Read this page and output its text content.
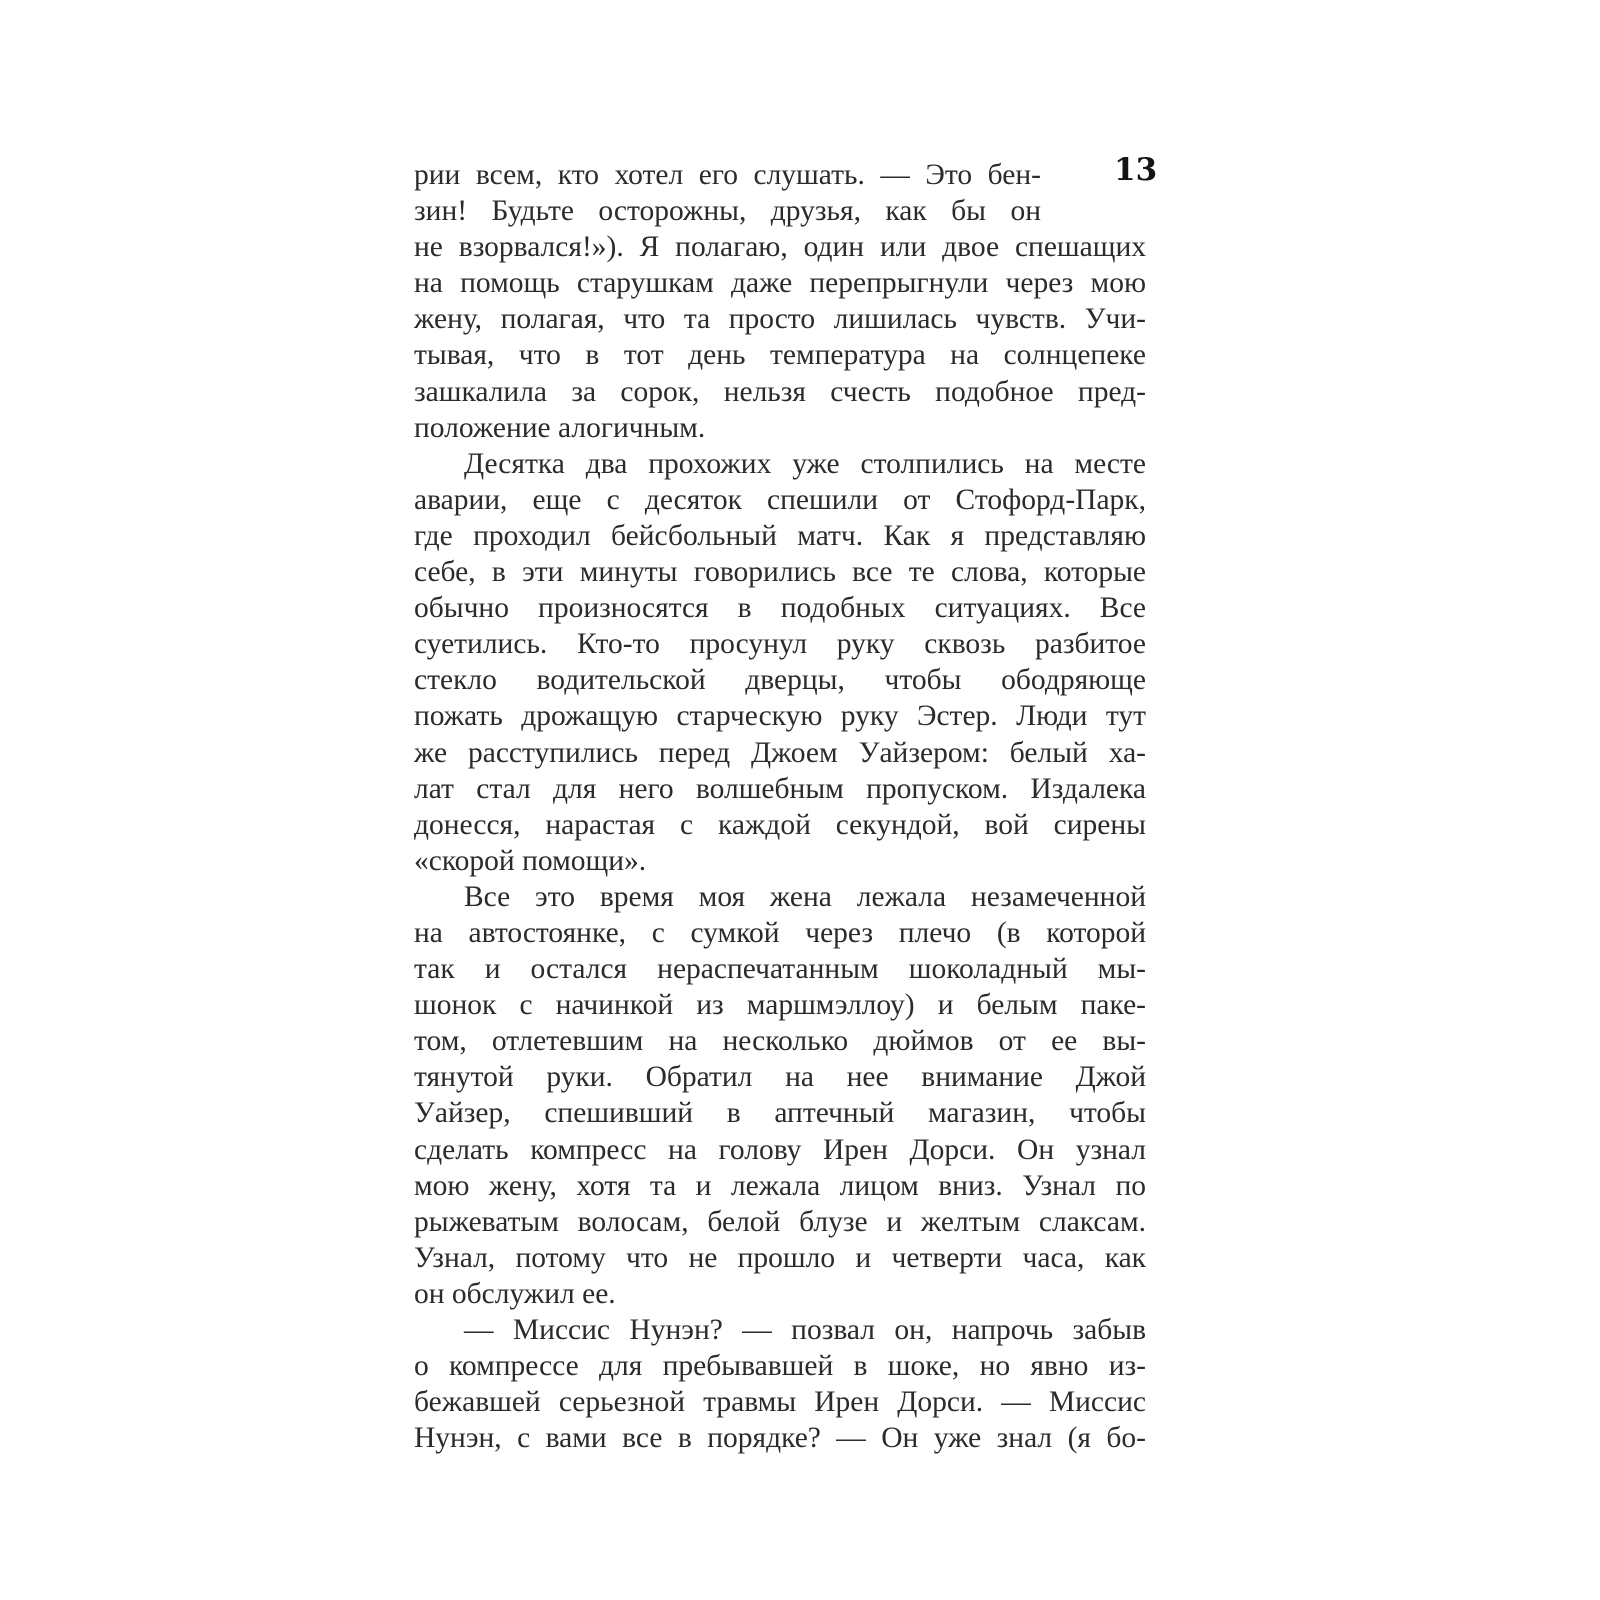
13
рии всем, кто хотел его слушать. — Это бен-
зин! Будьте осторожны, друзья, как бы он
не взорвался!»). Я полагаю, один или двое спешащих
на помощь старушкам даже перепрыгнули через мою
жену, полагая, что та просто лишилась чувств. Учи-
тывая, что в тот день температура на солнцепеке
зашкалила за сорок, нельзя счесть подобное пред-
положение алогичным.
Десятка два прохожих уже столпились на месте
аварии, еще с десяток спешили от Стофорд-Парк,
где проходил бейсбольный матч. Как я представляю
себе, в эти минуты говорились все те слова, которые
обычно произносятся в подобных ситуациях. Все
суетились. Кто-то просунул руку сквозь разбитое
стекло водительской дверцы, чтобы ободряюще
пожать дрожащую старческую руку Эстер. Люди тут
же расступились перед Джоем Уайзером: белый ха-
лат стал для него волшебным пропуском. Издалека
донесся, нарастая с каждой секундой, вой сирены
«скорой помощи».
Все это время моя жена лежала незамеченной
на автостоянке, с сумкой через плечо (в которой
так и остался нераспечатанным шоколадный мы-
шонок с начинкой из маршмэллоу) и белым паке-
том, отлетевшим на несколько дюймов от ее вы-
тянутой руки. Обратил на нее внимание Джой
Уайзер, спешивший в аптечный магазин, чтобы
сделать компресс на голову Ирен Дорси. Он узнал
мою жену, хотя та и лежала лицом вниз. Узнал по
рыжеватым волосам, белой блузе и желтым слаксам.
Узнал, потому что не прошло и четверти часа, как
он обслужил ее.
— Миссис Нунэн? — позвал он, напрочь забыв
о компрессе для пребывавшей в шоке, но явно из-
бежавшей серьезной травмы Ирен Дорси. — Миссис
Нунэн, с вами все в порядке? — Он уже знал (я бо-
